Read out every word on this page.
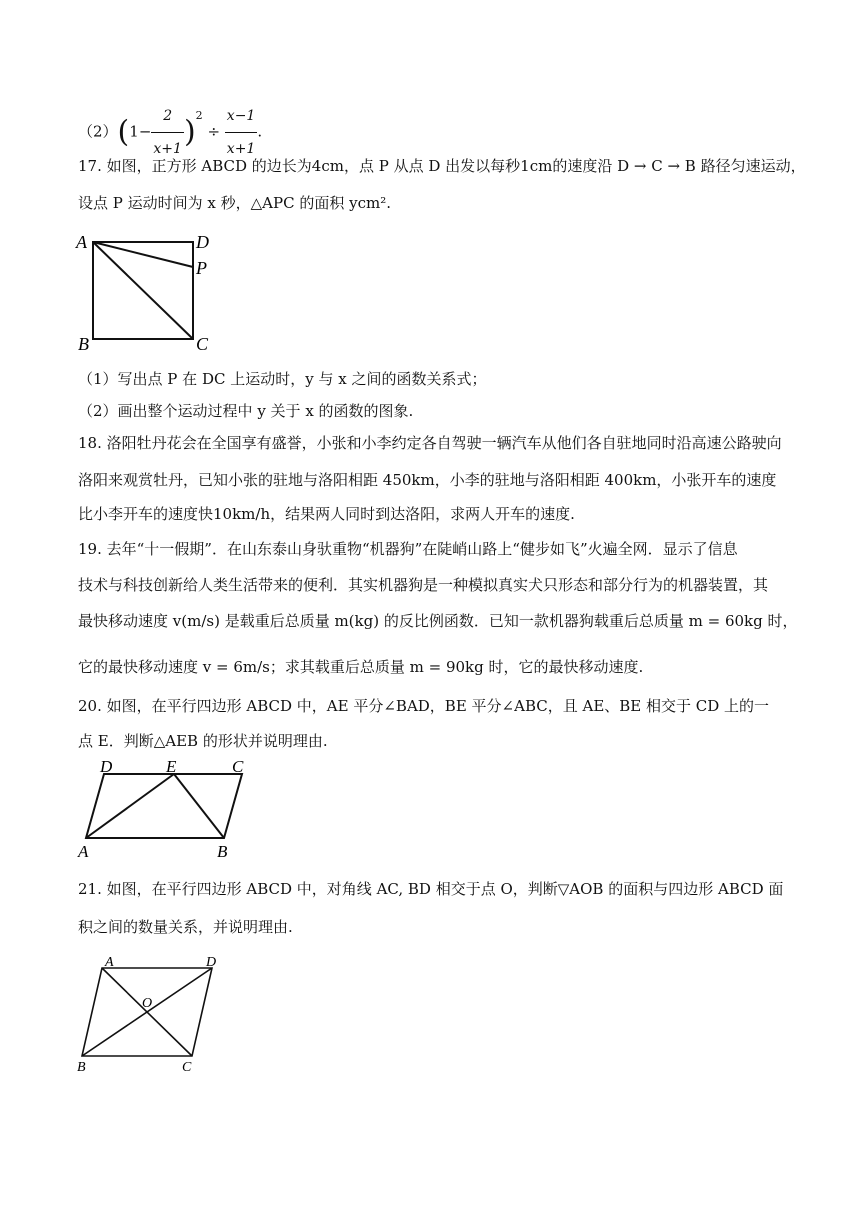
$(2)(1- \frac{2}{x+1} )^2 \div \frac{x-1}{x+1}$ .
17. 如图，正方形 ABCD 的边长为4cm，点 P 从点 D 出发以每秒1cm的速度沿 D → C → B 路径匀速运动，
设点 P 运动时间为 x 秒，△APC 的面积 ycm².
A	D
P
B	C
（1）写出点 P 在 DC 上运动时，y 与 x 之间的函数关系式；
（2）画出整个运动过程中 y 关于 x 的函数的图象.
18. 洛阳牡丹花会在全国享有盛誉，小张和小李约定各自驾驶一辆汽车从他们各自驻地同时沿高速公路驶向
洛阳来观赏牡丹，已知小张的驻地与洛阳相距 450km，小李的驻地与洛阳相距 400km，小张开车的速度
比小李开车的速度快10km/h，结果两人同时到达洛阳，求两人开车的速度.
19. 去年“十一假期”．在山东泰山身驮重物“机器狗”在陡峭山路上“健步如飞”火遍全网．显示了信息
技术与科技创新给人类生活带来的便利．其实机器狗是一种模拟真实犬只形态和部分行为的机器装置，其
最快移动速度 v(m/s) 是载重后总质量 m(kg) 的反比例函数．已知一款机器狗载重后总质量 m = 60kg 时，
它的最快移动速度 v = 6m/s；求其载重后总质量 m = 90kg 时，它的最快移动速度.
20. 如图，在平行四边形 ABCD 中，AE 平分∠BAD，BE 平分∠ABC，且 AE、BE 相交于 CD 上的一
点 E．判断△AEB 的形状并说明理由.
D	E	C
A	B
21. 如图，在平行四边形 ABCD 中，对角线 AC, BD 相交于点 O，判断▽AOB 的面积与四边形 ABCD 面
积之间的数量关系，并说明理由.
A	D
O
B	C
